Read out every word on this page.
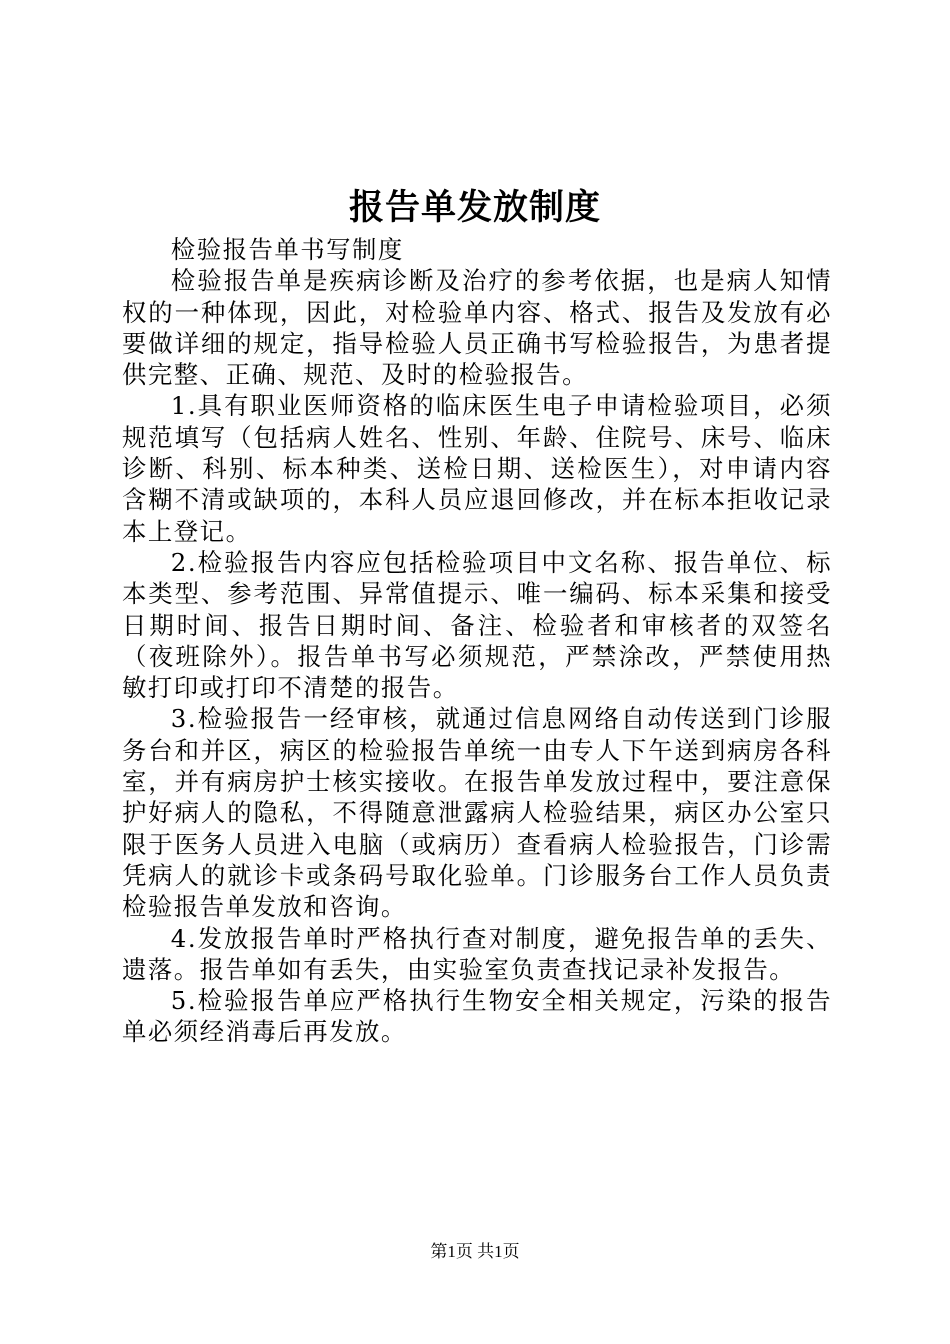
报告单发放制度

检验报告单书写制度

检验报告单是疾病诊断及治疗的参考依据，也是病人知情权的一种体现，因此，对检验单内容、格式、报告及发放有必要做详细的规定，指导检验人员正确书写检验报告，为患者提供完整、正确、规范、及时的检验报告。

1.具有职业医师资格的临床医生电子申请检验项目，必须规范填写（包括病人姓名、性别、年龄、住院号、床号、临床诊断、科别、标本种类、送检日期、送检医生），对申请内容含糊不清或缺项的，本科人员应退回修改，并在标本拒收记录本上登记。

2.检验报告内容应包括检验项目中文名称、报告单位、标本类型、参考范围、异常值提示、唯一编码、标本采集和接受日期时间、报告日期时间、备注、检验者和审核者的双签名（夜班除外）。报告单书写必须规范，严禁涂改，严禁使用热敏打印或打印不清楚的报告。

3.检验报告一经审核，就通过信息网络自动传送到门诊服务台和并区，病区的检验报告单统一由专人下午送到病房各科室，并有病房护士核实接收。在报告单发放过程中，要注意保护好病人的隐私，不得随意泄露病人检验结果，病区办公室只限于医务人员进入电脑（或病历）查看病人检验报告，门诊需凭病人的就诊卡或条码号取化验单。门诊服务台工作人员负责检验报告单发放和咨询。

4.发放报告单时严格执行查对制度，避免报告单的丢失、遗落。报告单如有丢失，由实验室负责查找记录补发报告。

5.检验报告单应严格执行生物安全相关规定，污染的报告单必须经消毒后再发放。

第1页 共1页
